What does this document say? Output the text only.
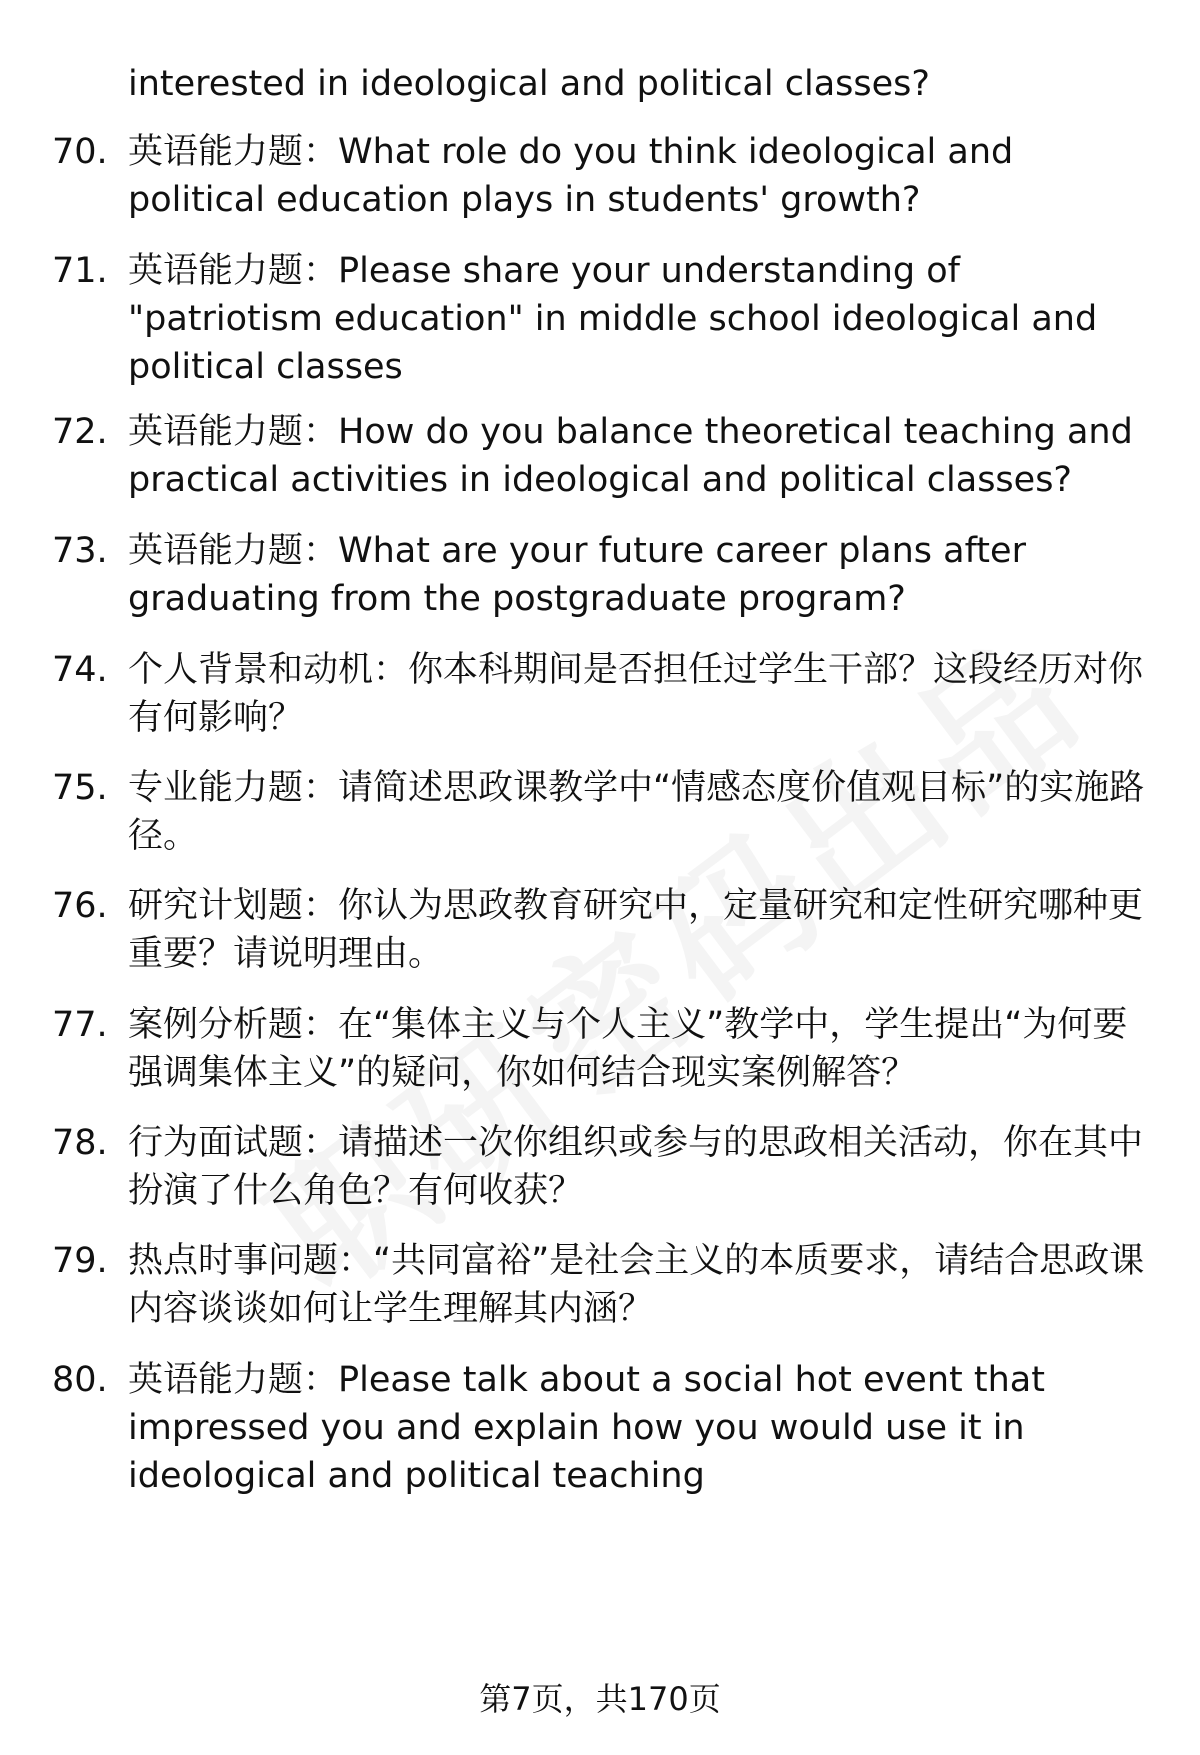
interested in ideological and political classes?
70. 英语能力题：What role do you think ideological and political education plays in students' growth?
71. 英语能力题：Please share your understanding of "patriotism education" in middle school ideological and political classes
72. 英语能力题：How do you balance theoretical teaching and practical activities in ideological and political classes?
73. 英语能力题：What are your future career plans after graduating from the postgraduate program?
74. 个人背景和动机：你本科期间是否担任过学生干部？这段经历对你有何影响？
75. 专业能力题：请简述思政课教学中“情感态度价值观目标”的实施路径。
76. 研究计划题：你认为思政教育研究中，定量研究和定性研究哪种更重要？请说明理由。
77. 案例分析题：在“集体主义与个人主义”教学中，学生提出“为何要强调集体主义”的疑问，你如何结合现实案例解答？
78. 行为面试题：请描述一次你组织或参与的思政相关活动，你在其中扮演了什么角色？有何收获？
79. 热点时事问题：“共同富裕”是社会主义的本质要求，请结合思政课内容谈谈如何让学生理解其内涵？
80. 英语能力题：Please talk about a social hot event that impressed you and explain how you would use it in ideological and political teaching
第7页，共170页
